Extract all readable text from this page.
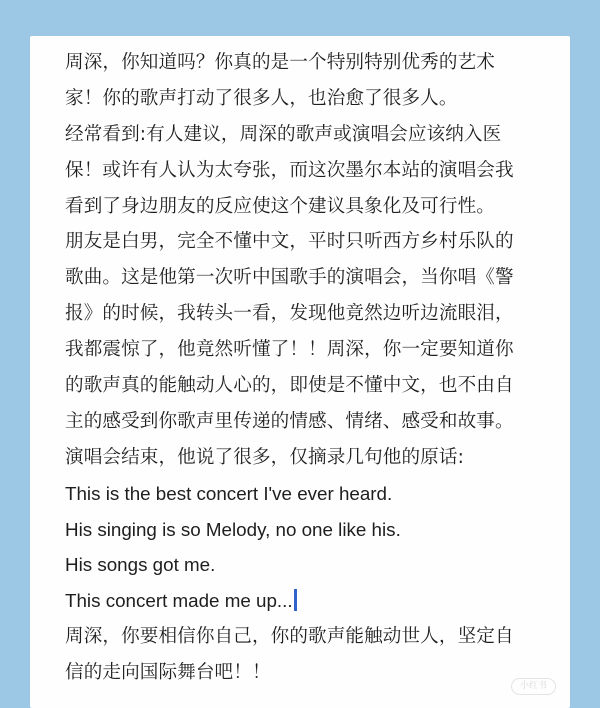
周深，你知道吗？你真的是一个特别特别优秀的艺术
家！你的歌声打动了很多人，也治愈了很多人。
经常看到:有人建议，周深的歌声或演唱会应该纳入医
保！或许有人认为太夸张，而这次墨尔本站的演唱会我
看到了身边朋友的反应使这个建议具象化及可行性。
朋友是白男，完全不懂中文，平时只听西方乡村乐队的
歌曲。这是他第一次听中国歌手的演唱会，当你唱《警
报》的时候，我转头一看，发现他竟然边听边流眼泪，
我都震惊了，他竟然听懂了！！周深，你一定要知道你
的歌声真的能触动人心的，即使是不懂中文，也不由自
主的感受到你歌声里传递的情感、情绪、感受和故事。
演唱会结束，他说了很多，仅摘录几句他的原话:
This is the best concert I've ever heard.
His singing is so Melody, no one like his.
His songs got me.
This concert made me up...
周深，你要相信你自己，你的歌声能触动世人，坚定自
信的走向国际舞台吧！！
小红书
